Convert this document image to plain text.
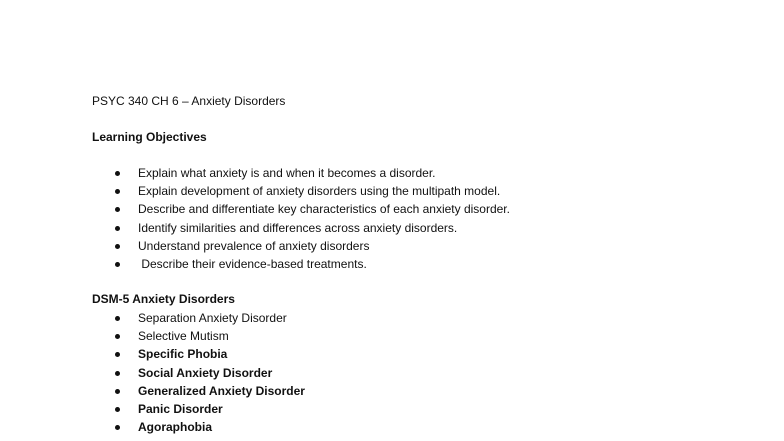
PSYC 340 CH 6 – Anxiety Disorders
Learning Objectives
Explain what anxiety is and when it becomes a disorder.
Explain development of anxiety disorders using the multipath model.
Describe and differentiate key characteristics of each anxiety disorder.
Identify similarities and differences across anxiety disorders.
Understand prevalence of anxiety disorders
Describe their evidence-based treatments.
DSM-5 Anxiety Disorders
Separation Anxiety Disorder
Selective Mutism
Specific Phobia
Social Anxiety Disorder
Generalized Anxiety Disorder
Panic Disorder
Agoraphobia
